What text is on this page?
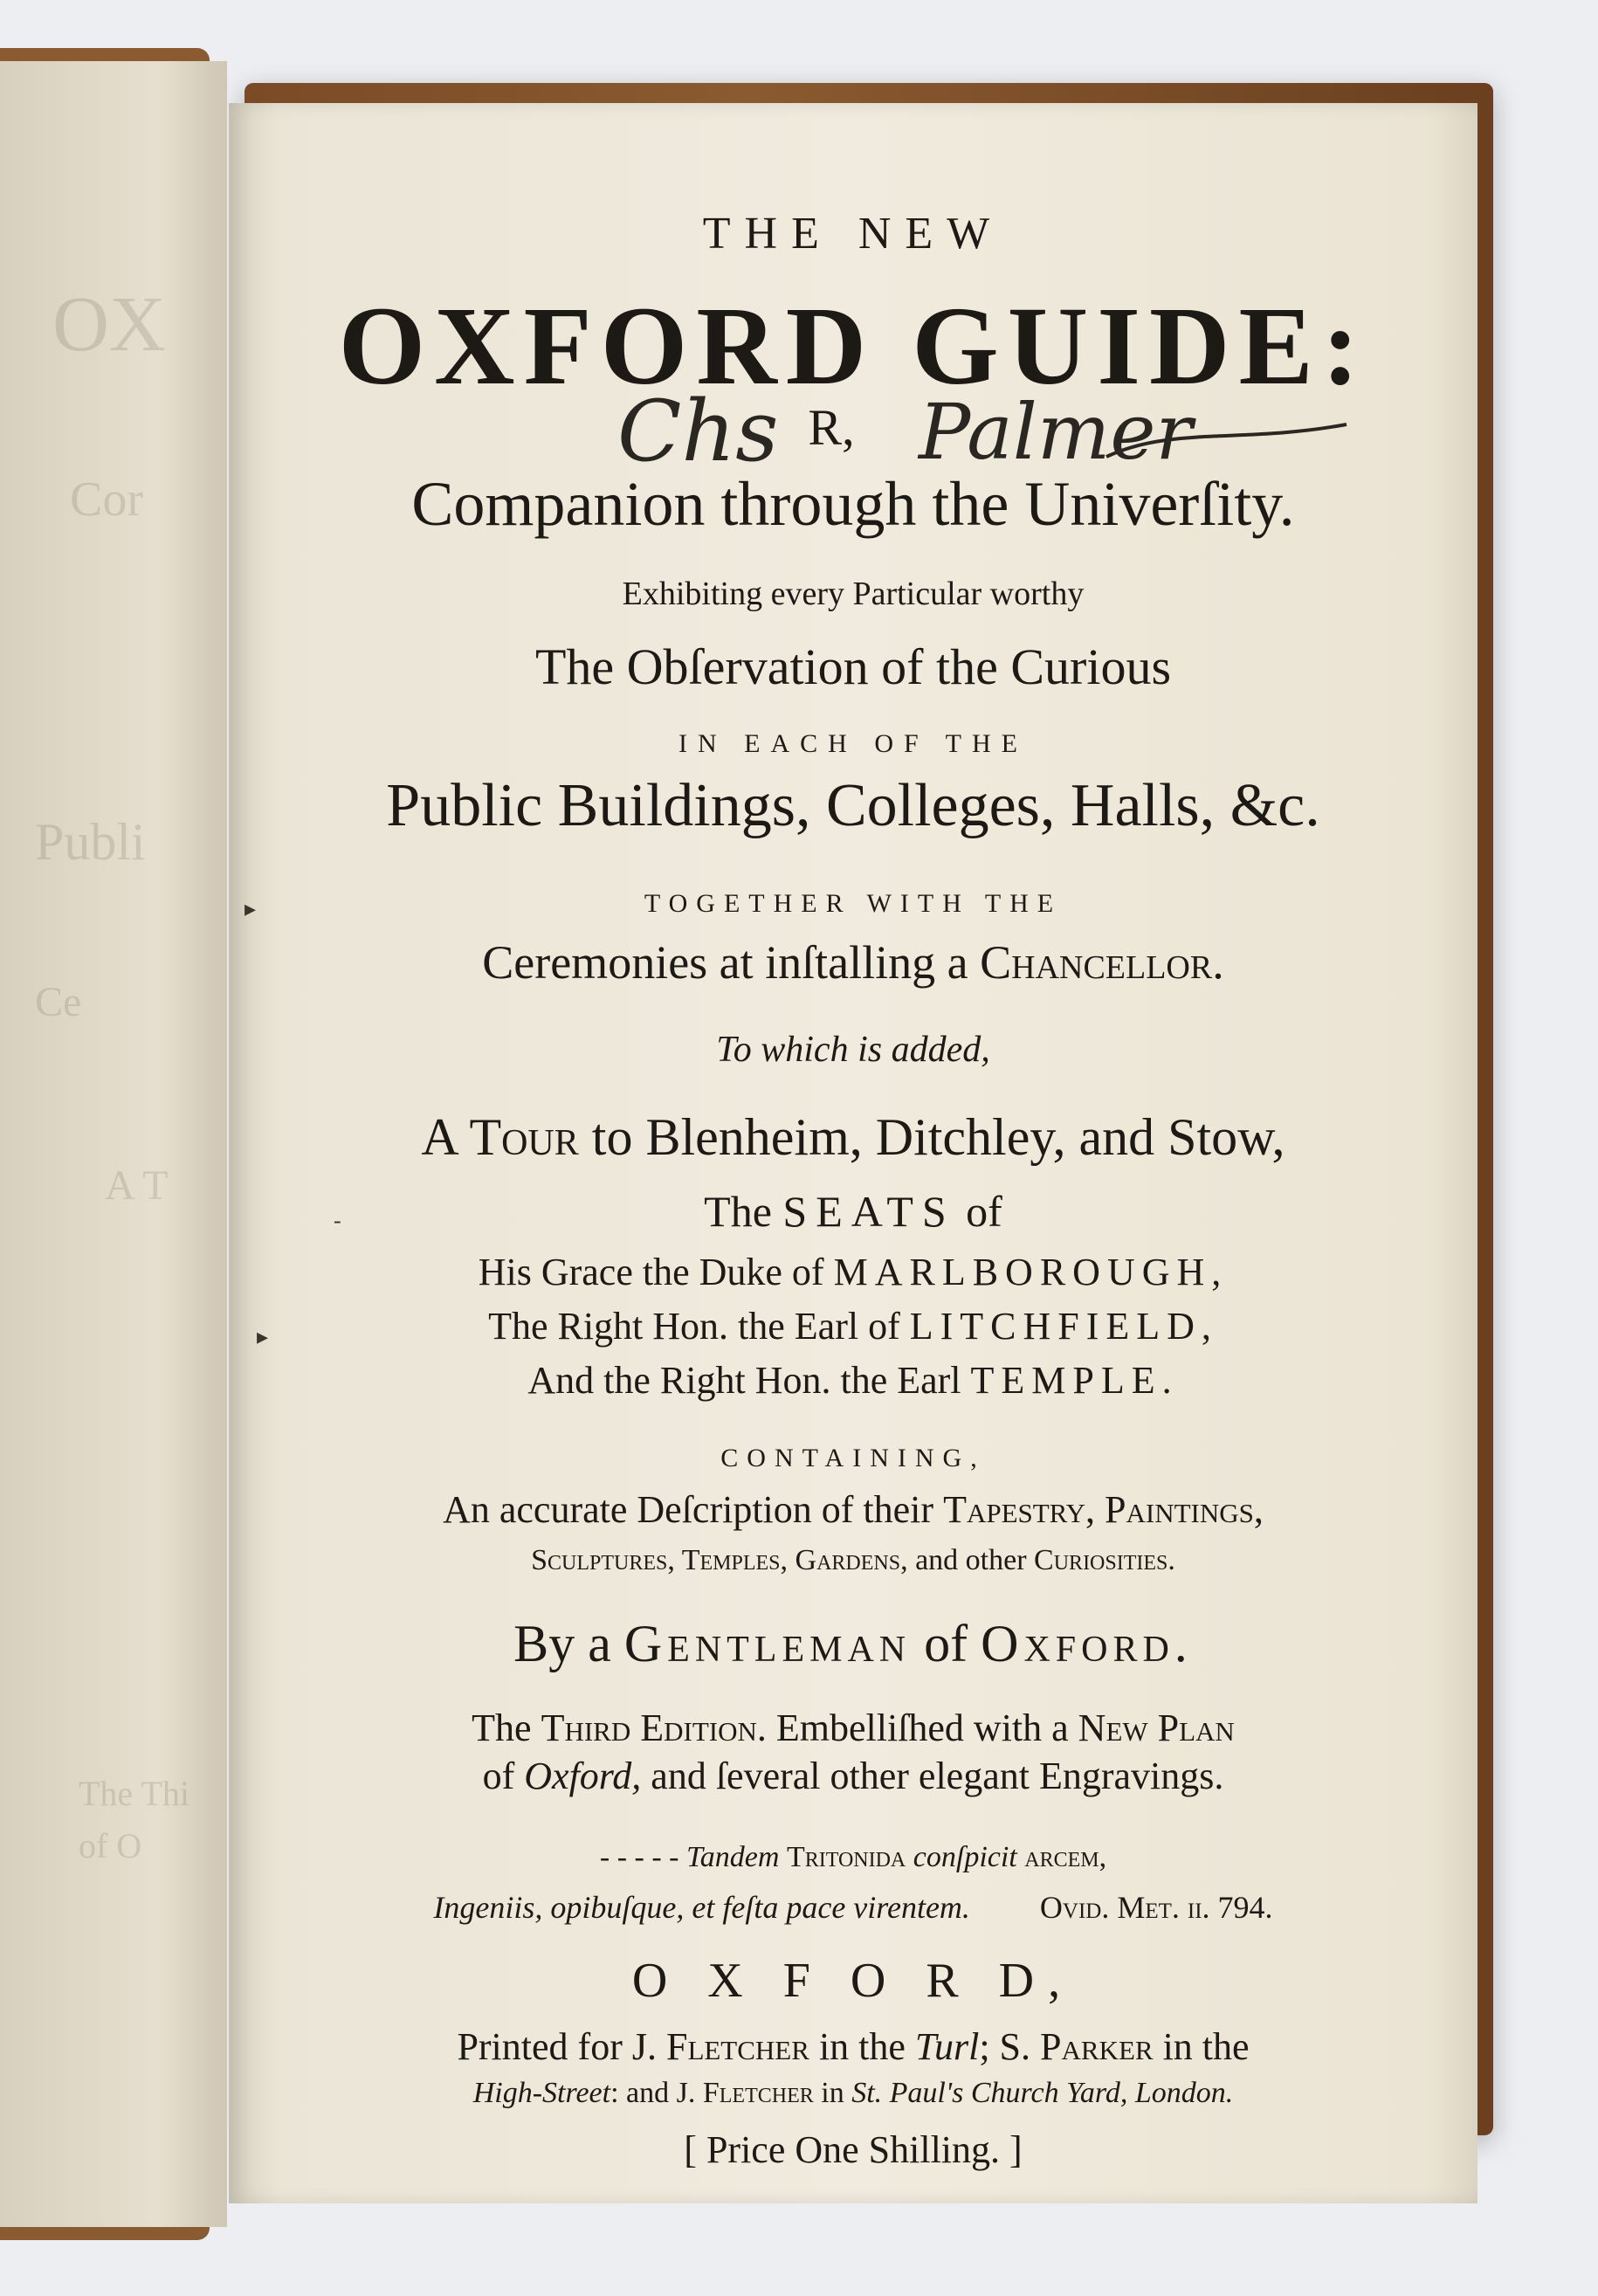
OX
Cor
Publi
Ce
A T
The Thi
of O
THE NEW
OXFORD GUIDE:
Chs R, Palmer
Companion through the Univerſity.
Exhibiting every Particular worthy
The Obſervation of the Curious
IN EACH OF THE
Public Buildings, Colleges, Halls, &c.
TOGETHER WITH THE
Ceremonies at inſtalling a Chancellor.
To which is added,
A Tour to Blenheim, Ditchley, and Stow,
The SEATS of
His Grace the Duke of MARLBOROUGH,
The Right Hon. the Earl of LITCHFIELD,
And the Right Hon. the Earl TEMPLE.
CONTAINING,
An accurate Deſcription of their Tapestry, Paintings,
Sculptures, Temples, Gardens, and other Curiosities.
By a Gentleman of Oxford.
The Third Edition. Embelliſhed with a New Plan
of Oxford, and ſeveral other elegant Engravings.
- - - - - Tandem Tritonida conſpicit arcem,
Ingeniis, opibuſque, et feſta pace virentem. Ovid. Met. ii. 794.
O X F O R D,
Printed for J. Fletcher in the Turl; S. Parker in the
High-Street: and J. Fletcher in St. Paul's Church Yard, London.
[ Price One Shilling. ]
▸
-
▸
